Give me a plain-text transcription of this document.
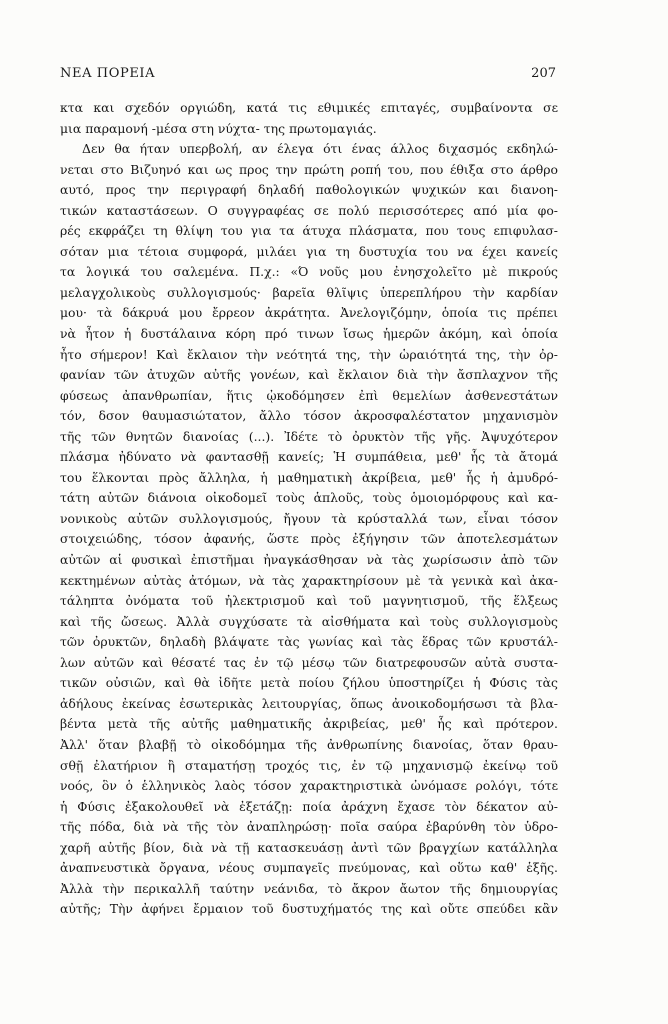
ΝΕΑ ΠΟΡΕΙΑ	207
κτα και σχεδόν οργιώδη, κατά τις εθιμικές επιταγές, συμβαίνοντα σε
μια παραμονή -μέσα στη νύχτα- της πρωτομαγιάς.
Δεν θα ήταν υπερβολή, αν έλεγα ότι ένας άλλος διχασμός εκδηλώ-
νεται στο Βιζυηνό και ως προς την πρώτη ροπή του, που έθιξα στο άρθρο
αυτό, προς την περιγραφή δηλαδή παθολογικών ψυχικών και διανοη-
τικών καταστάσεων. Ο συγγραφέας σε πολύ περισσότερες από μία φο-
ρές εκφράζει τη θλίψη του για τα άτυχα πλάσματα, που τους επιφυλασ-
σόταν μια τέτοια συμφορά, μιλάει για τη δυστυχία του να έχει κανείς
τα λογικά του σαλεμένα. Π.χ.: «Ό νοῦς μου ἐνησχολεῖτο μὲ πικρούς
μελαγχολικοὺς συλλογισμούς· βαρεῖα θλῖψις ὑπερεπλήρου τὴν καρδίαν
μου· τὰ δάκρυά μου ἔρρεον ἀκράτητα. Ἀνελογιζόμην, ὁποία τις πρέπει
νὰ ἦτον ἡ δυστάλαινα κόρη πρό τινων ἴσως ἡμερῶν ἀκόμη, καὶ ὁποία
ἦτο σήμερον! Καὶ ἔκλαιον τὴν νεότητά της, τὴν ὡραιότητά της, τὴν ὀρ-
φανίαν τῶν ἀτυχῶν αὐτῆς γονέων, καὶ ἔκλαιον διὰ τὴν ἄσπλαχνον τῆς
φύσεως ἀπανθρωπίαν, ἥτις ᾠκοδόμησεν ἐπὶ θεμελίων ἀσθενεστάτων
τόν, δσον θαυμασιώτατον, ἄλλο τόσον ἀκροσφαλέστατον μηχανισμὸν
τῆς τῶν θνητῶν διανοίας (...). Ἰδέτε τὸ ὀρυκτὸν τῆς γῆς. Ἀψυχότερον
πλάσμα ἠδύνατο νὰ φαντασθῇ κανείς; Ἡ συμπάθεια, μεθ' ἧς τὰ ἄτομά
του ἕλκονται πρὸς ἄλληλα, ἡ μαθηματικὴ ἀκρίβεια, μεθ' ἧς ἡ ἀμυδρό-
τάτη αὐτῶν διάνοια οἰκοδομεῖ τοὺς ἁπλοῦς, τοὺς ὁμοιομόρφους καὶ κα-
νονικοὺς αὐτῶν συλλογισμούς, ἤγουν τὰ κρύσταλλά των, εἶναι τόσον
στοιχειώδης, τόσον ἀφανής, ὥστε πρὸς ἐξήγησιν τῶν ἀποτελεσμάτων
αὐτῶν αἱ φυσικαὶ ἐπιστῆμαι ἠναγκάσθησαν νὰ τὰς χωρίσωσιν ἀπὸ τῶν
κεκτημένων αὐτὰς ἀτόμων, νὰ τὰς χαρακτηρίσουν μὲ τὰ γενικὰ καὶ ἀκα-
τάληπτα ὀνόματα τοῦ ἠλεκτρισμοῦ καὶ τοῦ μαγνητισμοῦ, τῆς ἕλξεως
καὶ τῆς ὤσεως. Ἀλλὰ συγχύσατε τὰ αἰσθήματα καὶ τοὺς συλλογισμοὺς
τῶν ὀρυκτῶν, δηλαδὴ βλάψατε τὰς γωνίας καὶ τὰς ἕδρας τῶν κρυστάλ-
λων αὐτῶν καὶ θέσατέ τας ἐν τῷ μέσῳ τῶν διατρεφουσῶν αὐτὰ συστα-
τικῶν οὐσιῶν, καὶ θὰ ἰδῆτε μετὰ ποίου ζήλου ὑποστηρίζει ἡ Φύσις τὰς
ἀδήλους ἐκείνας ἐσωτερικὰς λειτουργίας, ὅπως ἀνοικοδομήσωσι τὰ βλα-
βέντα μετὰ τῆς αὐτῆς μαθηματικῆς ἀκριβείας, μεθ' ἧς καὶ πρότερον.
Ἀλλ' ὅταν βλαβῇ τὸ οἰκοδόμημα τῆς ἀνθρωπίνης διανοίας, ὅταν θραυ-
σθῇ ἐλατήριον ἢ σταματήσῃ τροχός τις, ἐν τῷ μηχανισμῷ ἐκείνῳ τοῦ
νοός, ὃν ὁ ἑλληνικὸς λαὸς τόσον χαρακτηριστικὰ ὠνόμασε ρολόγι, τότε
ἡ Φύσις ἐξακολουθεῖ νὰ ἐξετάζῃ: ποία ἀράχνη ἔχασε τὸν δέκατον αὐ-
τῆς πόδα, διὰ νὰ τῆς τὸν ἀναπληρώσῃ· ποῖα σαύρα ἐβαρύνθη τὸν ὑδρο-
χαρῆ αὐτῆς βίον, διὰ νὰ τῇ κατασκευάσῃ ἀντὶ τῶν βραγχίων κατάλληλα
ἀναπνευστικὰ ὄργανα, νέους συμπαγεῖς πνεύμονας, καὶ οὕτω καθ' ἑξῆς.
Ἀλλὰ τὴν περικαλλῆ ταύτην νεάνιδα, τὸ ἄκρον ἄωτον τῆς δημιουργίας
αὐτῆς; Τὴν ἀφήνει ἔρμαιον τοῦ δυστυχήματός της καὶ οὔτε σπεύδει κἂν
